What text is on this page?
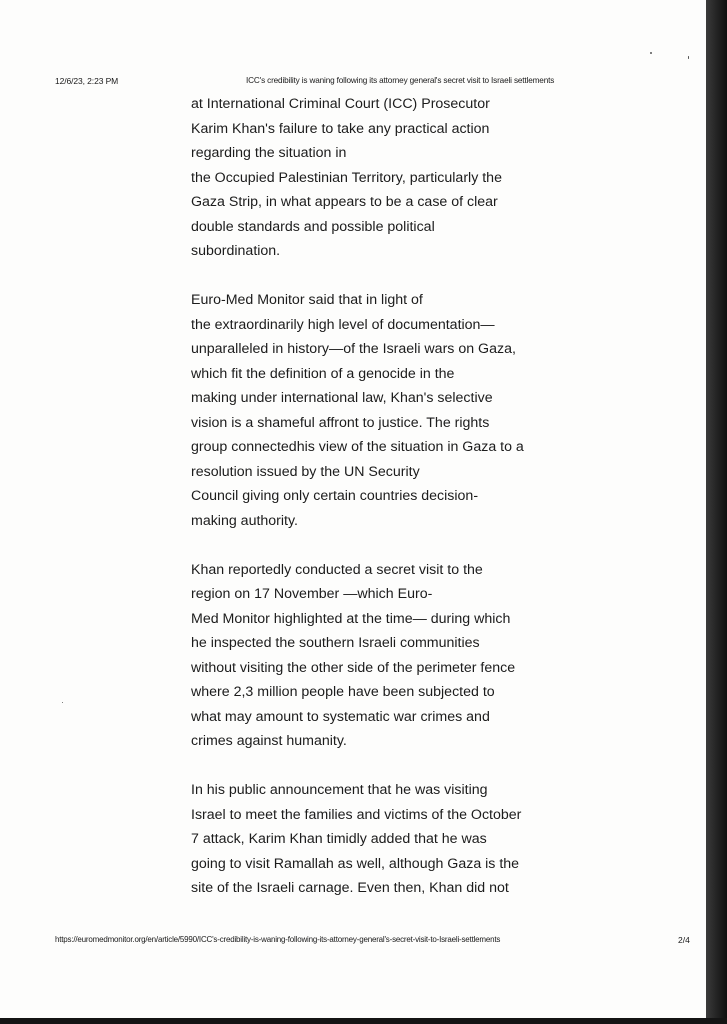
12/6/23, 2:23 PM	ICC's credibility is waning following its attorney general's secret visit to Israeli settlements
at International Criminal Court (ICC) Prosecutor
Karim Khan's failure to take any practical action
regarding the situation in
the Occupied Palestinian Territory, particularly the
Gaza Strip, in what appears to be a case of clear
double standards and possible political
subordination.
Euro-Med Monitor said that in light of
the extraordinarily high level of documentation—
unparalleled in history—of the Israeli wars on Gaza,
which fit the definition of a genocide in the
making under international law, Khan's selective
vision is a shameful affront to justice. The rights
group connectedhis view of the situation in Gaza to a
resolution issued by the UN Security
Council giving only certain countries decision-
making authority.
Khan reportedly conducted a secret visit to the
region on 17 November —which Euro-
Med Monitor highlighted at the time— during which
he inspected the southern Israeli communities
without visiting the other side of the perimeter fence
where 2,3 million people have been subjected to
what may amount to systematic war crimes and
crimes against humanity.
In his public announcement that he was visiting
Israel to meet the families and victims of the October
7 attack, Karim Khan timidly added that he was
going to visit Ramallah as well, although Gaza is the
site of the Israeli carnage. Even then, Khan did not
https://euromedmonitor.org/en/article/5990/ICC's-credibility-is-waning-following-its-attorney-general's-secret-visit-to-Israeli-settlements	2/4
